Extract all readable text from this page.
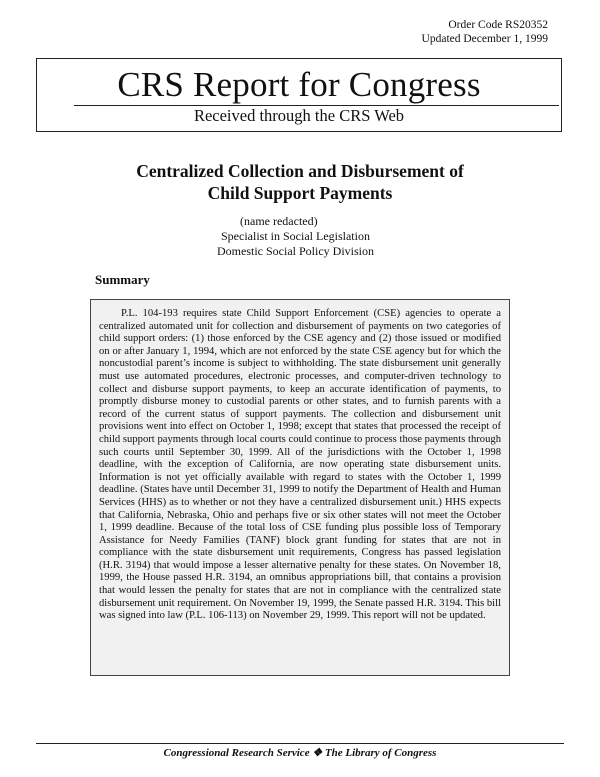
Order Code RS20352
Updated December 1, 1999
CRS Report for Congress
Received through the CRS Web
Centralized Collection and Disbursement of
Child Support Payments
(name redacted)
Specialist in Social Legislation
Domestic Social Policy Division
Summary

P.L. 104-193 requires state Child Support Enforcement (CSE) agencies to operate a centralized automated unit for collection and disbursement of payments on two categories of child support orders: (1) those enforced by the CSE agency and (2) those issued or modified on or after January 1, 1994, which are not enforced by the state CSE agency but for which the noncustodial parent’s income is subject to withholding. The state disbursement unit generally must use automated procedures, electronic processes, and computer-driven technology to collect and disburse support payments, to keep an accurate identification of payments, to promptly disburse money to custodial parents or other states, and to furnish parents with a record of the current status of support payments. The collection and disbursement unit provisions went into effect on October 1, 1998; except that states that processed the receipt of child support payments through local courts could continue to process those payments through such courts until September 30, 1999. All of the jurisdictions with the October 1, 1998 deadline, with the exception of California, are now operating state disbursement units. Information is not yet officially available with regard to states with the October 1, 1999 deadline. (States have until December 31, 1999 to notify the Department of Health and Human Services (HHS) as to whether or not they have a centralized disbursement unit.) HHS expects that California, Nebraska, Ohio and perhaps five or six other states will not meet the October 1, 1999 deadline. Because of the total loss of CSE funding plus possible loss of Temporary Assistance for Needy Families (TANF) block grant funding for states that are not in compliance with the state disbursement unit requirements, Congress has passed legislation (H.R. 3194) that would impose a lesser alternative penalty for these states. On November 18, 1999, the House passed H.R. 3194, an omnibus appropriations bill, that contains a provision that would lessen the penalty for states that are not in compliance with the centralized state disbursement unit requirement. On November 19, 1999, the Senate passed H.R. 3194. This bill was signed into law (P.L. 106-113) on November 29, 1999. This report will not be updated.

Congressional Research Service ❖ The Library of Congress
